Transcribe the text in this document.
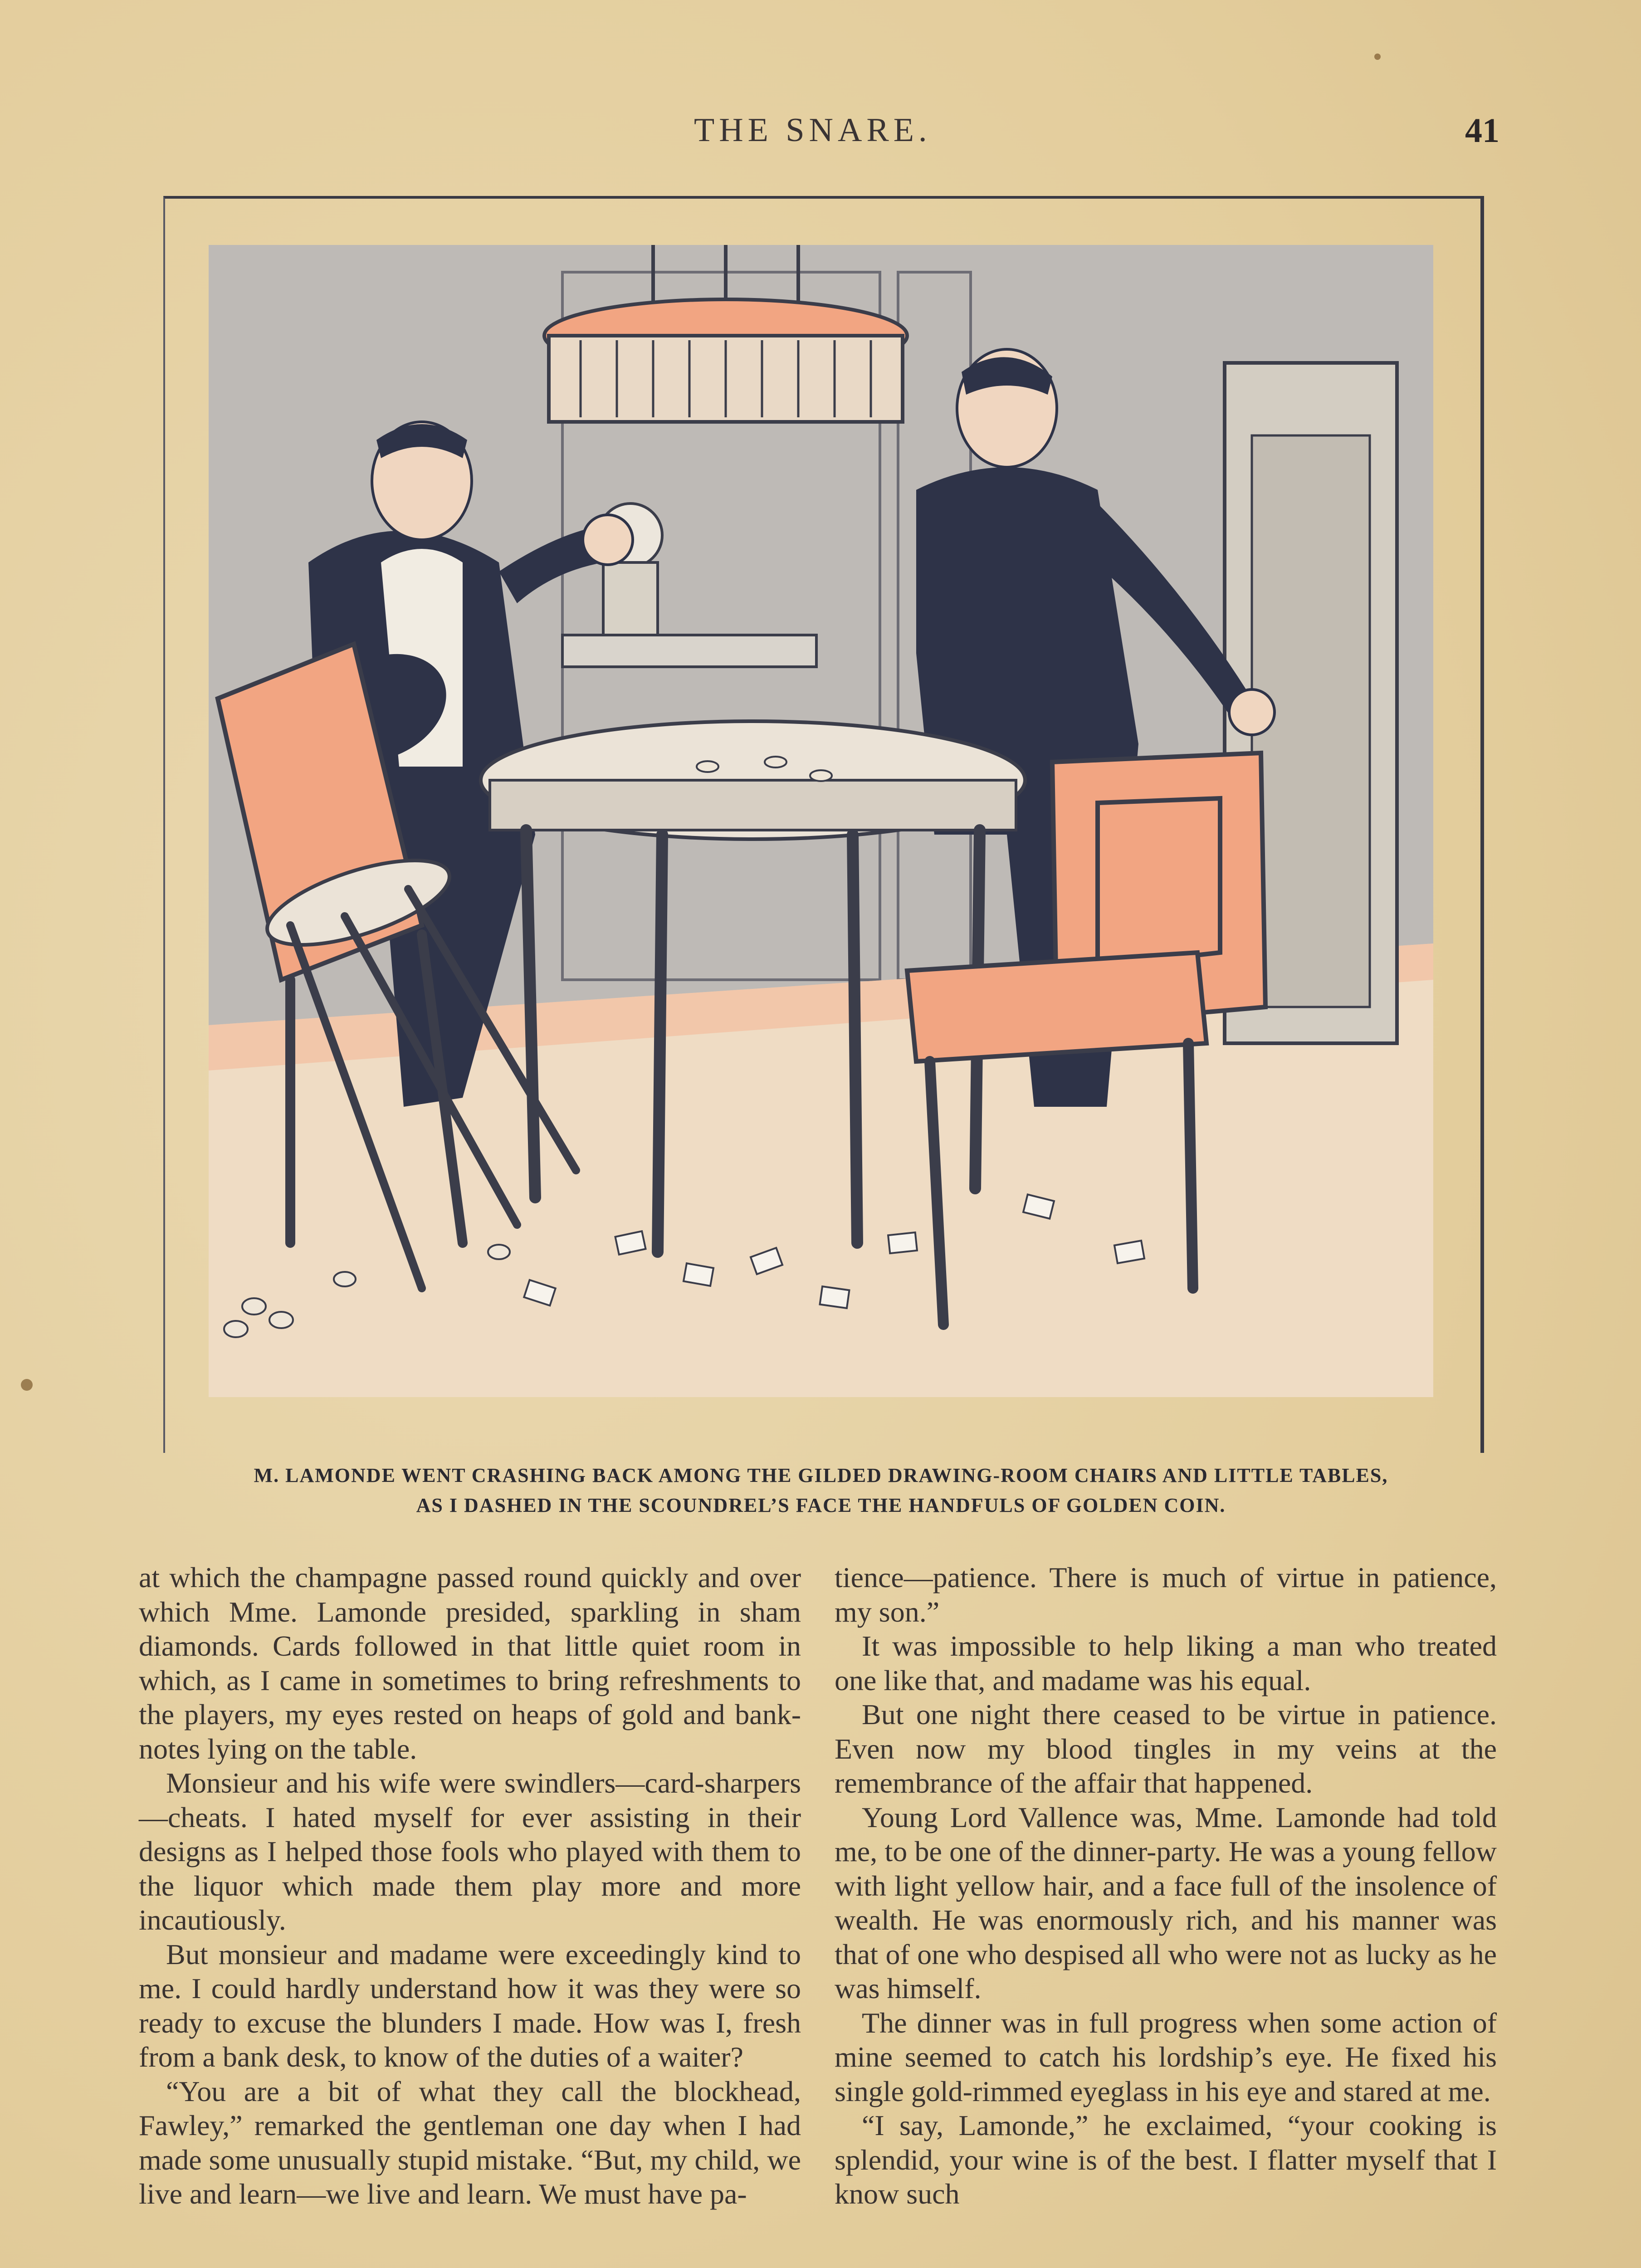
THE SNARE.	41
M. LAMONDE WENT CRASHING BACK AMONG THE GILDED DRAWING-ROOM CHAIRS AND LITTLE TABLES,
AS I DASHED IN THE SCOUNDREL’S FACE THE HANDFULS OF GOLDEN COIN.

at which the champagne passed round quickly and over which Mme. Lamonde presided, sparkling in sham diamonds. Cards followed in that little quiet room in which, as I came in sometimes to bring refreshments to the players, my eyes rested on heaps of gold and bank-notes lying on the table.

Monsieur and his wife were swindlers—card-sharpers—cheats. I hated myself for ever assisting in their designs as I helped those fools who played with them to the liquor which made them play more and more incautiously.

But monsieur and madame were exceedingly kind to me. I could hardly understand how it was they were so ready to excuse the blunders I made. How was I, fresh from a bank desk, to know of the duties of a waiter?

“You are a bit of what they call the blockhead, Fawley,” remarked the gentleman one day when I had made some unusually stupid mistake. “But, my child, we live and learn—we live and learn. We must have pa-

tience—patience. There is much of virtue in patience, my son.”

It was impossible to help liking a man who treated one like that, and madame was his equal.

But one night there ceased to be virtue in patience. Even now my blood tingles in my veins at the remembrance of the affair that happened.

Young Lord Vallence was, Mme. Lamonde had told me, to be one of the dinner-party. He was a young fellow with light yellow hair, and a face full of the insolence of wealth. He was enormously rich, and his manner was that of one who despised all who were not as lucky as he was himself.

The dinner was in full progress when some action of mine seemed to catch his lordship’s eye. He fixed his single gold-rimmed eyeglass in his eye and stared at me.

“I say, Lamonde,” he exclaimed, “your cooking is splendid, your wine is of the best. I flatter myself that I know such
